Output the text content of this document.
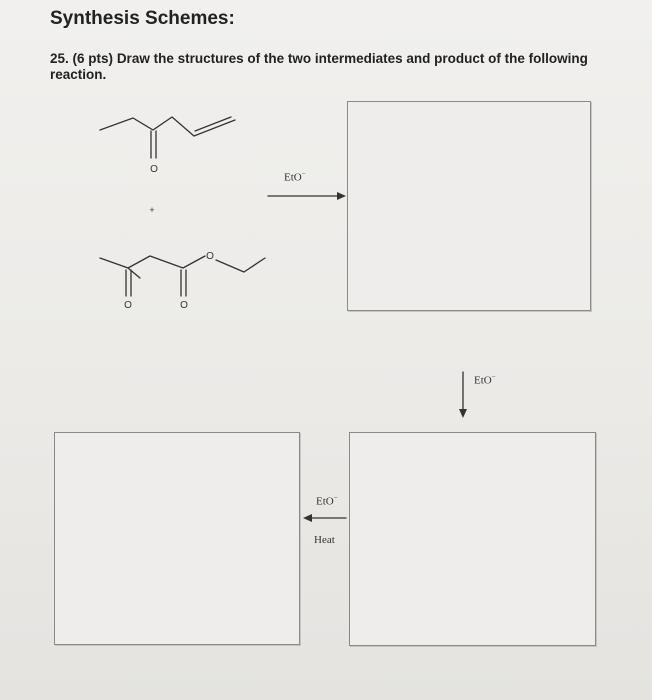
Synthesis Schemes:

25. (6 pts) Draw the structures of the two intermediates and product of the following reaction.

O
+
O
O	O
EtO−
EtO−
EtO−
Heat
